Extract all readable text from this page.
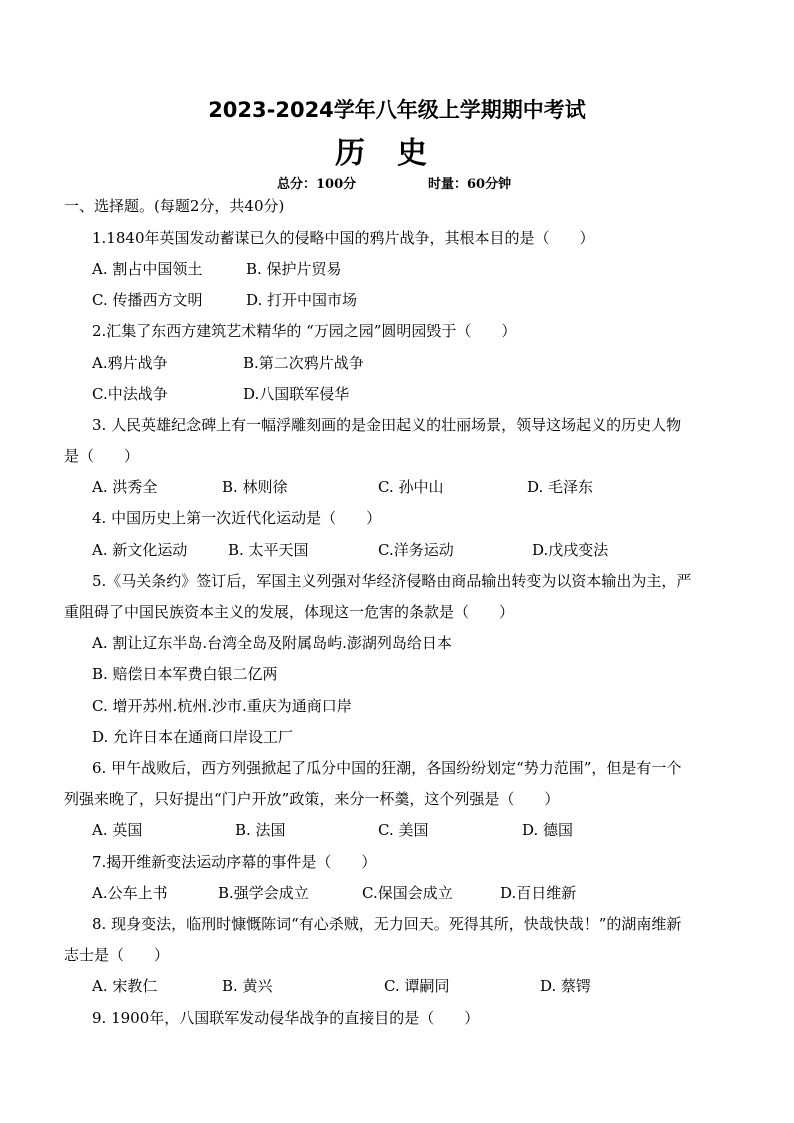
2023-2024学年八年级上学期期中考试
历史
总分：100分	时量：60分钟
一、选择题。(每题2分，共40分)
1.1840年英国发动蓄谋已久的侵略中国的鸦片战争，其根本目的是（　　）
A. 割占中国领土	B. 保护片贸易
C. 传播西方文明	D. 打开中国市场
2.汇集了东西方建筑艺术精华的 “万园之园”圆明园毁于（　　）
A.鸦片战争	B.第二次鸦片战争
C.中法战争	D.八国联军侵华
3. 人民英雄纪念碑上有一幅浮雕刻画的是金田起义的壮丽场景，领导这场起义的历史人物
是（　　）
A. 洪秀全	B. 林则徐	C. 孙中山	D. 毛泽东
4. 中国历史上第一次近代化运动是（　　）
A. 新文化运动	B. 太平天国	C.洋务运动	D.戊戌变法
5.《马关条约》签订后，军国主义列强对华经济侵略由商品输出转变为以资本输出为主，严
重阻碍了中国民族资本主义的发展，体现这一危害的条款是（　　）
A. 割让辽东半岛.台湾全岛及附属岛屿.澎湖列岛给日本
B. 赔偿日本军费白银二亿两
C. 增开苏州.杭州.沙市.重庆为通商口岸
D. 允许日本在通商口岸设工厂
6. 甲午战败后，西方列强掀起了瓜分中国的狂潮，各国纷纷划定“势力范围”，但是有一个
列强来晚了，只好提出“门户开放”政策，来分一杯羹，这个列强是（　　）
A. 英国	B. 法国	C. 美国	D. 德国
7.揭开维新变法运动序幕的事件是（　　）
A.公车上书	B.强学会成立	C.保国会成立	D.百日维新
8. 现身变法，临刑时慷慨陈词“有心杀贼，无力回天。死得其所，快哉快哉！”的湖南维新
志士是（　　）
A. 宋教仁	B. 黄兴	C. 谭嗣同	D. 蔡锷
9. 1900年，八国联军发动侵华战争的直接目的是（　　）
